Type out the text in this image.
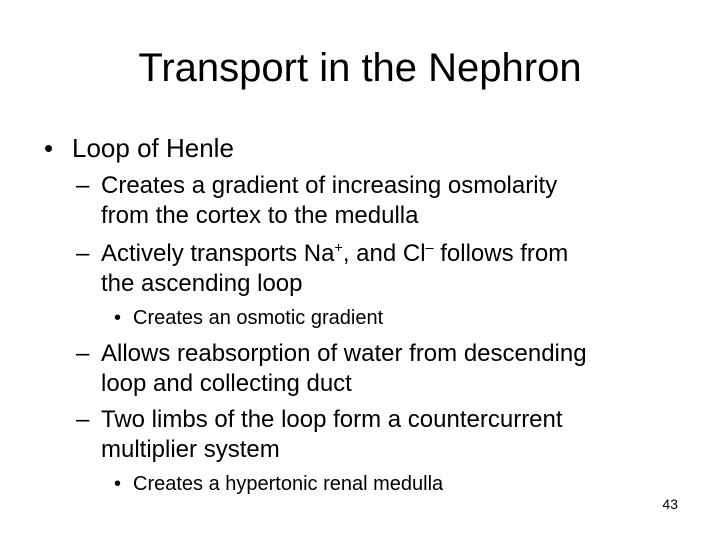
Transport in the Nephron
• Loop of Henle
– Creates a gradient of increasing osmolarity
from the cortex to the medulla
– Actively transports Na+, and Cl– follows from
the ascending loop
• Creates an osmotic gradient
– Allows reabsorption of water from descending
loop and collecting duct
– Two limbs of the loop form a countercurrent
multiplier system
• Creates a hypertonic renal medulla
43
